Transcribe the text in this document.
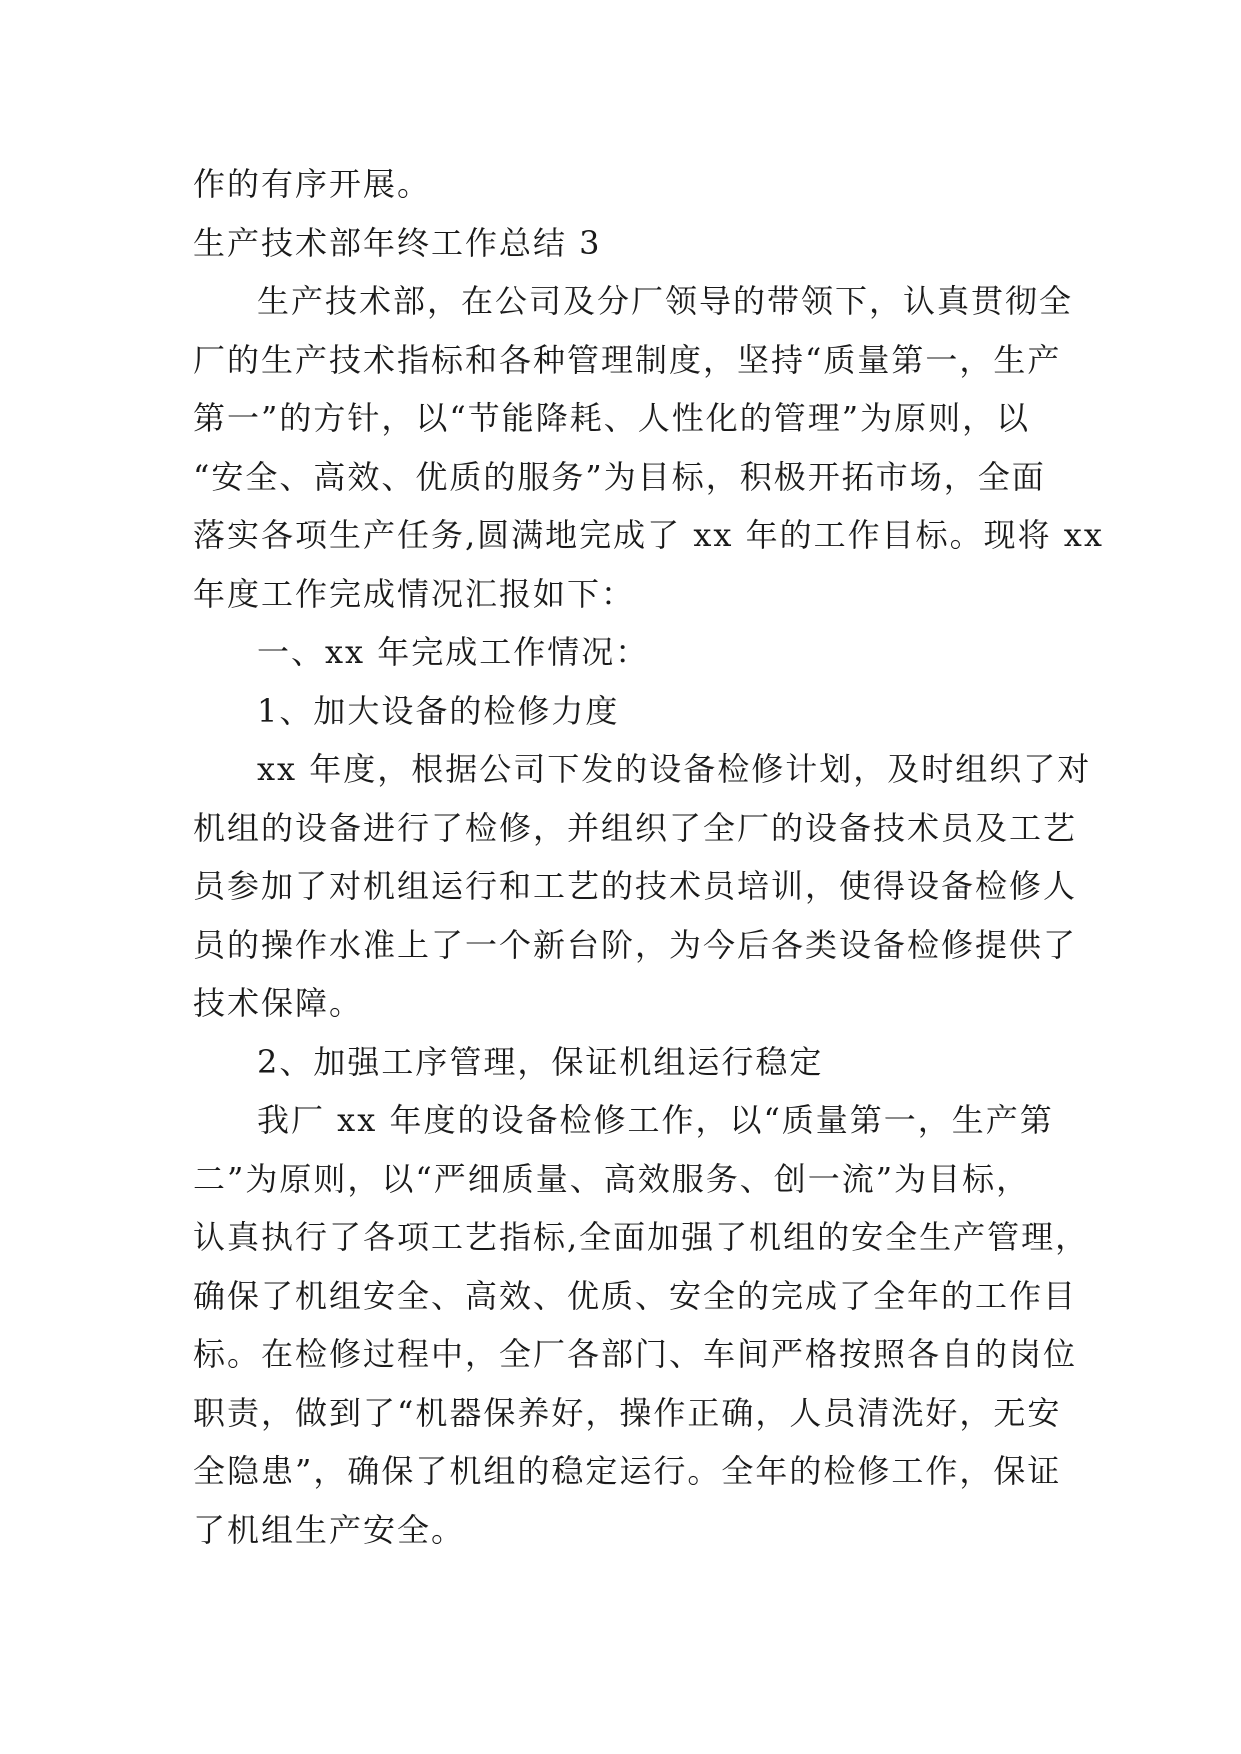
作的有序开展。

生产技术部年终工作总结 3

生产技术部，在公司及分厂领导的带领下，认真贯彻全

厂的生产技术指标和各种管理制度，坚持“质量第一，生产

第一”的方针，以“节能降耗、人性化的管理”为原则，以

“安全、高效、优质的服务”为目标，积极开拓市场，全面

落实各项生产任务,圆满地完成了 xx 年的工作目标。现将 xx

年度工作完成情况汇报如下：

一、xx 年完成工作情况：

1、加大设备的检修力度

xx 年度，根据公司下发的设备检修计划，及时组织了对

机组的设备进行了检修，并组织了全厂的设备技术员及工艺

员参加了对机组运行和工艺的技术员培训，使得设备检修人

员的操作水准上了一个新台阶，为今后各类设备检修提供了

技术保障。

2、加强工序管理，保证机组运行稳定

我厂 xx 年度的设备检修工作，以“质量第一，生产第

二”为原则，以“严细质量、高效服务、创一流”为目标，

认真执行了各项工艺指标,全面加强了机组的安全生产管理，

确保了机组安全、高效、优质、安全的完成了全年的工作目

标。在检修过程中，全厂各部门、车间严格按照各自的岗位

职责，做到了“机器保养好，操作正确，人员清洗好，无安

全隐患”，确保了机组的稳定运行。全年的检修工作，保证

了机组生产安全。
